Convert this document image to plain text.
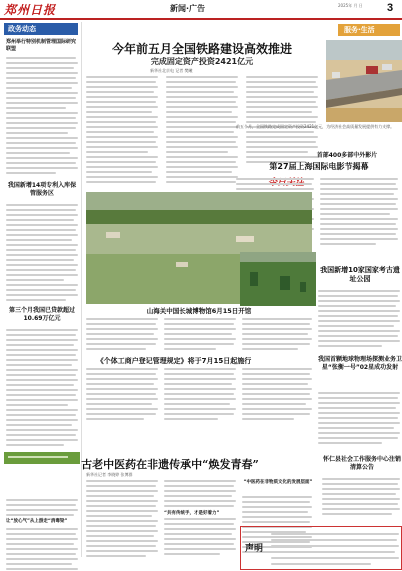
郑州日报	新闻·广告	2025年 月 日 3
政务动态
郑州举行特别机制管理国际研究联盟
我国新增14项专利入库保管服务区
第三个月我国已贷款超过10.69万亿元
让“放心气”从上游走“消毒梁”
今年前五月全国铁路建设高效推进
完成固定资产投资2421亿元
新华社北京电 记者 樊曦
服务·生活
前五个月，全国铁路完成固定资产投资2421亿元，为经济社会高质量发展提供有力支撑。
首部400多部中外影片
第27届上海国际电影节揭幕
我国新增10家国家考古遗址公园
山海关中国长城博物馆6月15日开馆
《个体工商户登记管理规定》将于7月15日起施行	我国首颗地球物理场探测业务卫星“张衡一号”02星成功发射
古老中医药在非遗传承中“焕发青春”
新华社记者 李晓婷 张博群
“共有传统手，才是好着力”
“中医药在非物质文化的发展层面”
怀仁县社会工作服务中心注销清算公告
声明
